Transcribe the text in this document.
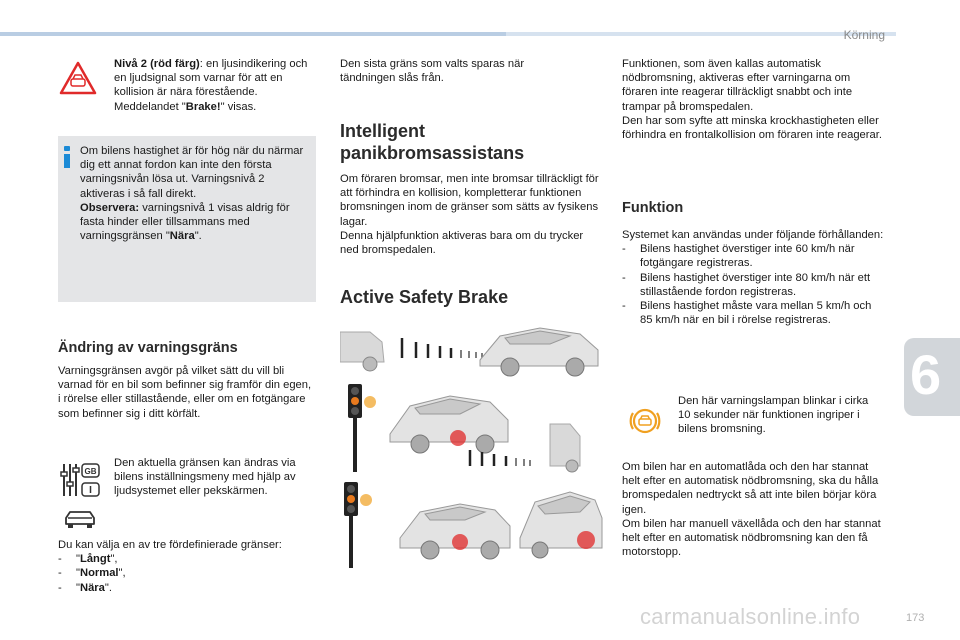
Körning
6

Nivå 2 (röd färg): en ljusindikering och en ljudsignal som varnar för att en kollision är nära förestående. Meddelandet "Brake!" visas.

Om bilens hastighet är för hög när du närmar dig ett annat fordon kan inte den första varningsnivån lösa ut. Varningsnivå 2 aktiveras i så fall direkt.

Observera: varningsnivå 1 visas aldrig för fasta hinder eller tillsammans med varningsgränsen "Nära".

Ändring av varningsgräns

Varningsgränsen avgör på vilket sätt du vill bli varnad för en bil som befinner sig framför din egen, i rörelse eller stillastående, eller om en fotgängare som befinner sig i ditt körfält.

GB

Den aktuella gränsen kan ändras via bilens inställningsmeny med hjälp av ljudsystemet eller pekskärmen.

Du kan välja en av tre fördefinierade gränser:

- "Långt",
- "Normal",
- "Nära".

Den sista gräns som valts sparas när tändningen slås från.

Intelligent panikbromsassistans

Om föraren bromsar, men inte bromsar tillräckligt för att förhindra en kollision, kompletterar funktionen bromsningen inom de gränser som sätts av fysikens lagar.

Denna hjälpfunktion aktiveras bara om du trycker ned bromspedalen.

Active Safety Brake

Funktionen, som även kallas automatisk nödbromsning, aktiveras efter varningarna om föraren inte reagerar tillräckligt snabbt och inte trampar på bromspedalen.

Den har som syfte att minska krockhastigheten eller förhindra en frontalkollision om föraren inte reagerar.

Funktion

Systemet kan användas under följande förhållanden:

- Bilens hastighet överstiger inte 60 km/h när fotgängare registreras.
- Bilens hastighet överstiger inte 80 km/h när ett stillastående fordon registreras.
- Bilens hastighet måste vara mellan 5 km/h och 85 km/h när en bil i rörelse registreras.

Den här varningslampan blinkar i cirka 10 sekunder när funktionen ingriper i bilens bromsning.

Om bilen har en automatlåda och den har stannat helt efter en automatisk nödbromsning, ska du hålla bromspedalen nedtryckt så att inte bilen börjar köra igen.

Om bilen har manuell växellåda och den har stannat helt efter en automatisk nödbromsning kan den få motorstopp.

carmanualsonline.info	173
